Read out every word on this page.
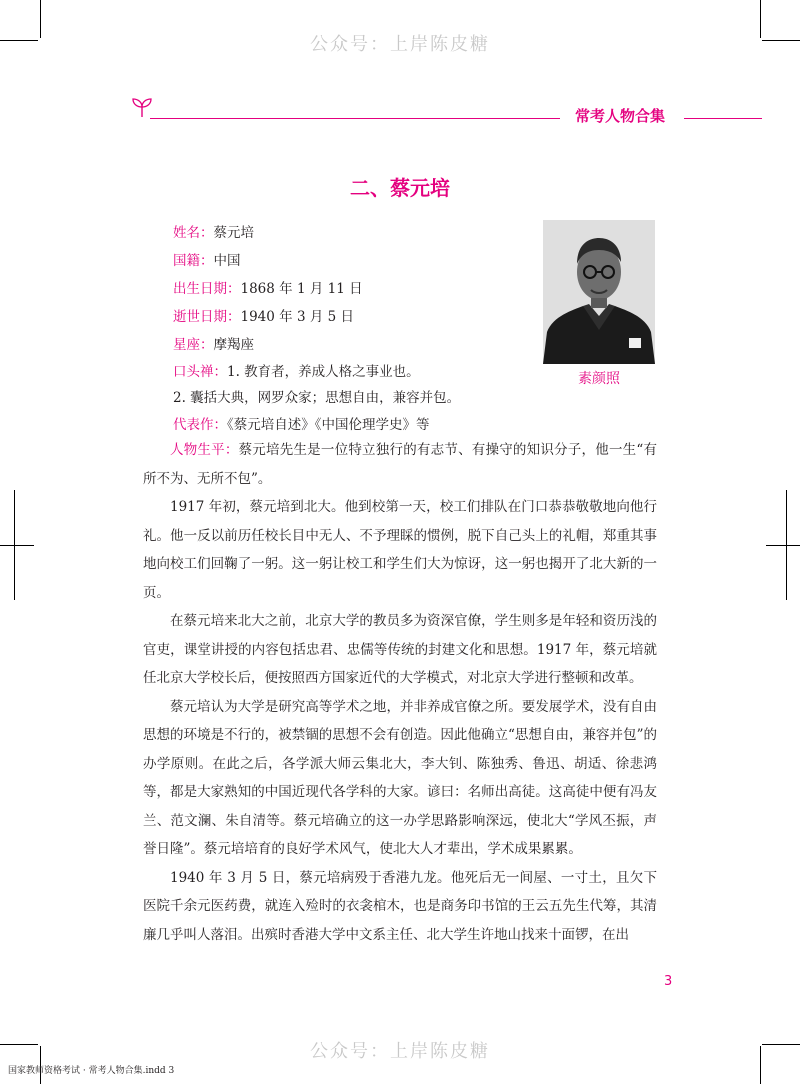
公众号：上岸陈皮糖
公众号：上岸陈皮糖
常考人物合集
二、蔡元培
素颜照
姓名：蔡元培
国籍：中国
出生日期：1868 年 1 月 11 日
逝世日期：1940 年 3 月 5 日
星座：摩羯座
口头禅：1. 教育者，养成人格之事业也。
2. 囊括大典，网罗众家；思想自由，兼容并包。
代表作：《蔡元培自述》《中国伦理学史》等

人物生平：蔡元培先生是一位特立独行的有志节、有操守的知识分子，他一生“有所不为、无所不包”。

1917 年初，蔡元培到北大。他到校第一天，校工们排队在门口恭恭敬敬地向他行礼。他一反以前历任校长目中无人、不予理睬的惯例，脱下自己头上的礼帽，郑重其事地向校工们回鞠了一躬。这一躬让校工和学生们大为惊讶，这一躬也揭开了北大新的一页。

在蔡元培来北大之前，北京大学的教员多为资深官僚，学生则多是年轻和资历浅的官吏，课堂讲授的内容包括忠君、忠儒等传统的封建文化和思想。1917 年，蔡元培就任北京大学校长后，便按照西方国家近代的大学模式，对北京大学进行整顿和改革。

蔡元培认为大学是研究高等学术之地，并非养成官僚之所。要发展学术，没有自由思想的环境是不行的，被禁锢的思想不会有创造。因此他确立“思想自由，兼容并包”的办学原则。在此之后，各学派大师云集北大，李大钊、陈独秀、鲁迅、胡适、徐悲鸿等，都是大家熟知的中国近现代各学科的大家。谚曰：名师出高徒。这高徒中便有冯友兰、范文澜、朱自清等。蔡元培确立的这一办学思路影响深远，使北大“学风丕振，声誉日隆”。蔡元培培育的良好学术风气，使北大人才辈出，学术成果累累。

1940 年 3 月 5 日，蔡元培病殁于香港九龙。他死后无一间屋、一寸土，且欠下医院千余元医药费，就连入殓时的衣衾棺木，也是商务印书馆的王云五先生代筹，其清廉几乎叫人落泪。出殡时香港大学中文系主任、北大学生许地山找来十面锣，在出

3
国家教师资格考试 · 常考人物合集.indd 3
